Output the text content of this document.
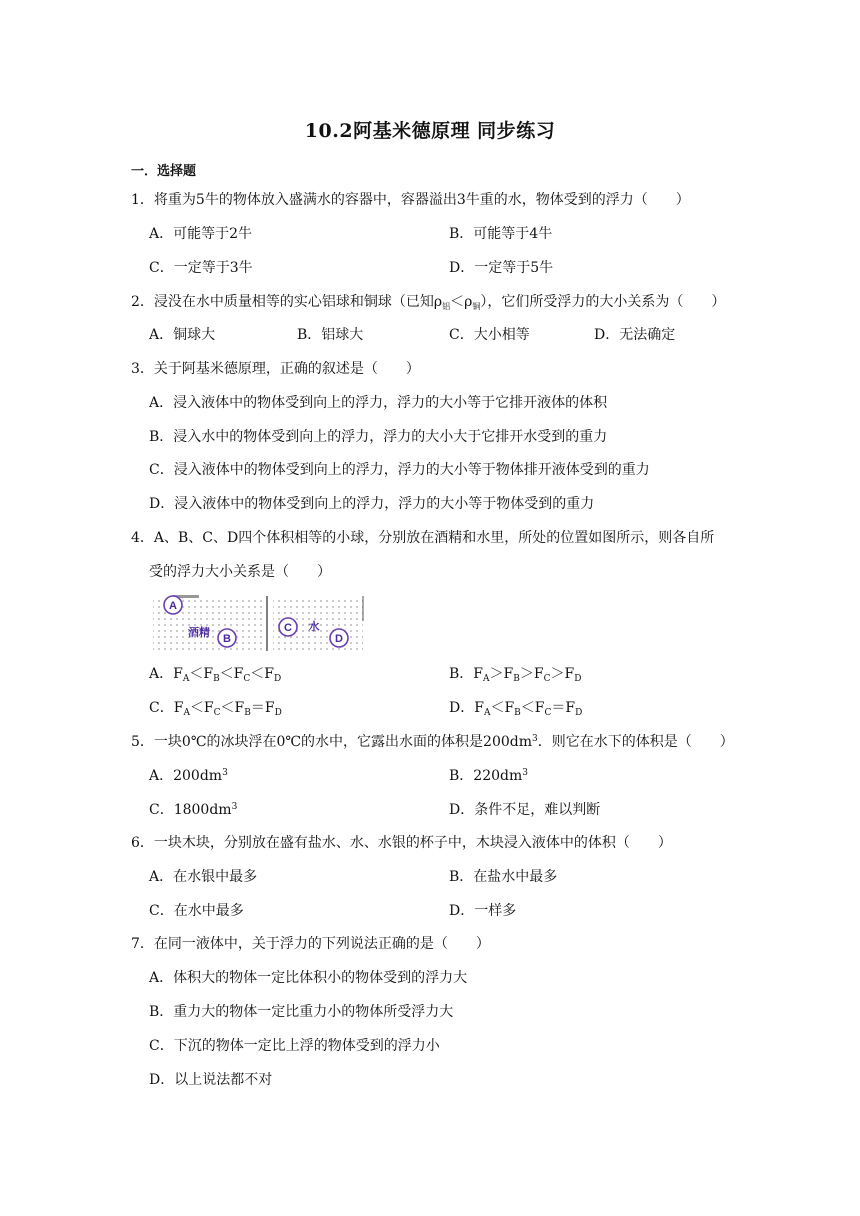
10.2阿基米德原理 同步练习
一．选择题
1．将重为5牛的物体放入盛满水的容器中，容器溢出3牛重的水，物体受到的浮力（　　）
A．可能等于2牛	B．可能等于4牛
C．一定等于3牛	D．一定等于5牛
2．浸没在水中质量相等的实心铝球和铜球（已知$\rho_铝<\rho_铜$），它们所受浮力的大小关系为（　　）
A．铜球大	B．铝球大	C．大小相等	D．无法确定
3．关于阿基米德原理，正确的叙述是（　　）
A．浸入液体中的物体受到向上的浮力，浮力的大小等于它排开液体的体积
B．浸入水中的物体受到向上的浮力，浮力的大小大于它排开水受到的重力
C．浸入液体中的物体受到向上的浮力，浮力的大小等于物体排开液体受到的重力
D．浸入液体中的物体受到向上的浮力，浮力的大小等于物体受到的重力
4．A、B、C、D四个体积相等的小球，分别放在酒精和水里，所处的位置如图所示，则各自所
受的浮力大小关系是（　　）
A
酒精 B
C 水
D
A．$F_A<F_B<F_C<F_D$	B．$F_A>F_B>F_C>F_D$
C．$F_A<F_C<F_B=F_D$	D．$F_A<F_B<F_C=F_D$
5．一块0℃的冰块浮在0℃的水中，它露出水面的体积是$200dm^3$．则它在水下的体积是（　　）
A．$200dm^3$	B．$220dm^3$
C．$1800dm^3$	D．条件不足，难以判断
6．一块木块，分别放在盛有盐水、水、水银的杯子中，木块浸入液体中的体积（　　）
A．在水银中最多	B．在盐水中最多
C．在水中最多	D．一样多
7．在同一液体中，关于浮力的下列说法正确的是（　　）
A．体积大的物体一定比体积小的物体受到的浮力大
B．重力大的物体一定比重力小的物体所受浮力大
C．下沉的物体一定比上浮的物体受到的浮力小
D．以上说法都不对
